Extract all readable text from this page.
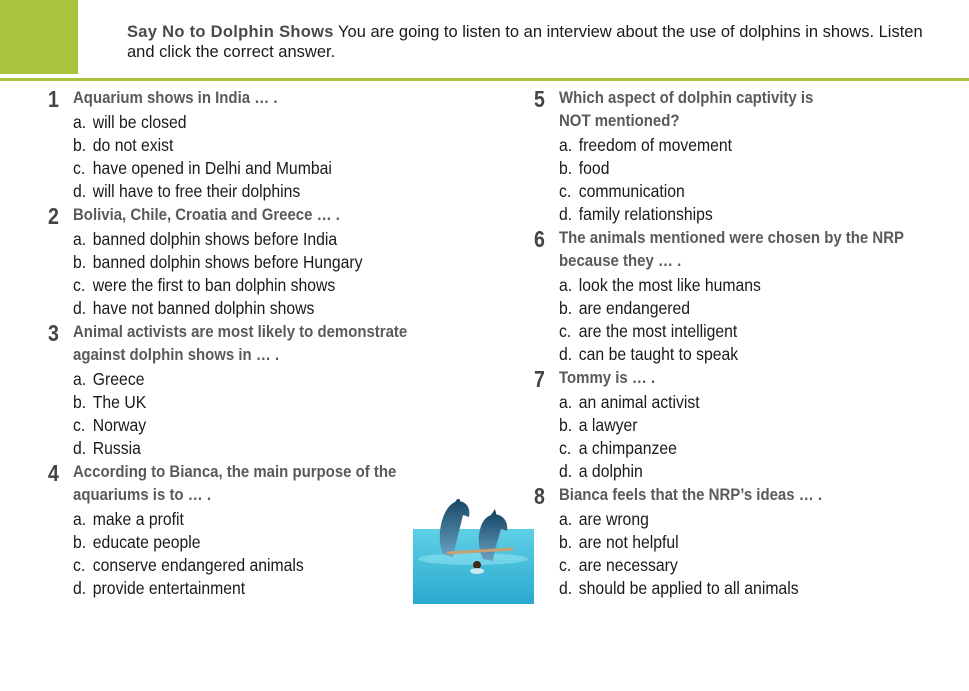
Say No to Dolphin Shows You are going to listen to an interview about the use of dolphins in shows. Listen and click the correct answer.
1 Aquarium shows in India … .
a. will be closed
b. do not exist
c. have opened in Delhi and Mumbai
d. will have to free their dolphins
2 Bolivia, Chile, Croatia and Greece … .
a. banned dolphin shows before India
b. banned dolphin shows before Hungary
c. were the first to ban dolphin shows
d. have not banned dolphin shows
3 Animal activists are most likely to demonstrate
against dolphin shows in … .
a. Greece
b. The UK
c. Norway
d. Russia
4 According to Bianca, the main purpose of the
aquariums is to … .
a. make a profit
b. educate people
c. conserve endangered animals
d. provide entertainment
5 Which aspect of dolphin captivity is
NOT mentioned?
a. freedom of movement
b. food
c. communication
d. family relationships
6 The animals mentioned were chosen by the NRP
because they … .
a. look the most like humans
b. are endangered
c. are the most intelligent
d. can be taught to speak
7 Tommy is … .
a. an animal activist
b. a lawyer
c. a chimpanzee
d. a dolphin
8 Bianca feels that the NRP’s ideas … .
a. are wrong
b. are not helpful
c. are necessary
d. should be applied to all animals
